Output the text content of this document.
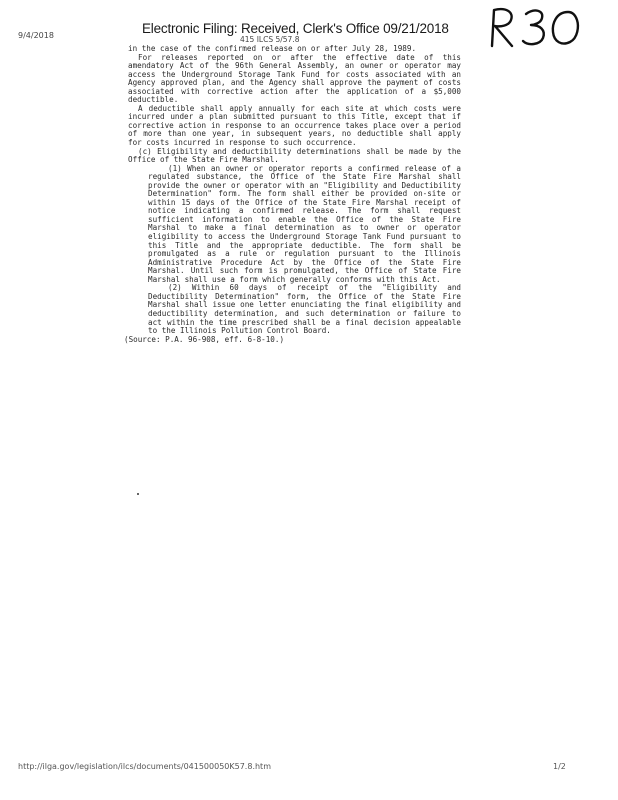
9/4/2018	Electronic Filing: Received, Clerk's Office 09/21/2018
415 ILCS 5/57.8

in the case of the confirmed release on or after July 28, 1989.

For releases reported on or after the effective date of this amendatory Act of the 96th General Assembly, an owner or operator may access the Underground Storage Tank Fund for costs associated with an Agency approved plan, and the Agency shall approve the payment of costs associated with corrective action after the application of a $5,000 deductible.

A deductible shall apply annually for each site at which costs were incurred under a plan submitted pursuant to this Title, except that if corrective action in response to an occurrence takes place over a period of more than one year, in subsequent years, no deductible shall apply for costs incurred in response to such occurrence.

(c) Eligibility and deductibility determinations shall be made by the Office of the State Fire Marshal.

(1) When an owner or operator reports a confirmed release of a regulated substance, the Office of the State Fire Marshal shall provide the owner or operator with an "Eligibility and Deductibility Determination" form. The form shall either be provided on-site or within 15 days of the Office of the State Fire Marshal receipt of notice indicating a confirmed release. The form shall request sufficient information to enable the Office of the State Fire Marshal to make a final determination as to owner or operator eligibility to access the Underground Storage Tank Fund pursuant to this Title and the appropriate deductible. The form shall be promulgated as a rule or regulation pursuant to the Illinois Administrative Procedure Act by the Office of the State Fire Marshal. Until such form is promulgated, the Office of State Fire Marshal shall use a form which generally conforms with this Act.

(2) Within 60 days of receipt of the "Eligibility and Deductibility Determination" form, the Office of the State Fire Marshal shall issue one letter enunciating the final eligibility and deductibility determination, and such determination or failure to act within the time prescribed shall be a final decision appealable to the Illinois Pollution Control Board.

(Source: P.A. 96-908, eff. 6-8-10.)

http://ilga.gov/legislation/ilcs/documents/041500050K57.8.htm	1/2
